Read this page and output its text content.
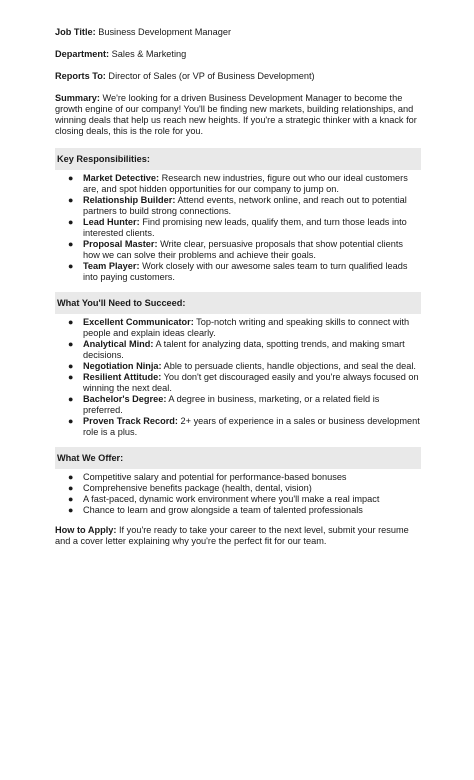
Job Title: Business Development Manager

Department: Sales & Marketing

Reports To: Director of Sales (or VP of Business Development)

Summary: We're looking for a driven Business Development Manager to become the growth engine of our company! You'll be finding new markets, building relationships, and winning deals that help us reach new heights. If you're a strategic thinker with a knack for closing deals, this is the role for you.

Key Responsibilities:
● Market Detective: Research new industries, figure out who our ideal customers are, and spot hidden opportunities for our company to jump on.
● Relationship Builder: Attend events, network online, and reach out to potential partners to build strong connections.
● Lead Hunter: Find promising new leads, qualify them, and turn those leads into interested clients.
● Proposal Master: Write clear, persuasive proposals that show potential clients how we can solve their problems and achieve their goals.
● Team Player: Work closely with our awesome sales team to turn qualified leads into paying customers.
What You'll Need to Succeed:
● Excellent Communicator: Top-notch writing and speaking skills to connect with people and explain ideas clearly.
● Analytical Mind: A talent for analyzing data, spotting trends, and making smart decisions.
● Negotiation Ninja: Able to persuade clients, handle objections, and seal the deal.
● Resilient Attitude: You don't get discouraged easily and you're always focused on winning the next deal.
● Bachelor's Degree: A degree in business, marketing, or a related field is preferred.
● Proven Track Record: 2+ years of experience in a sales or business development role is a plus.
What We Offer:
● Competitive salary and potential for performance-based bonuses
● Comprehensive benefits package (health, dental, vision)
● A fast-paced, dynamic work environment where you'll make a real impact
● Chance to learn and grow alongside a team of talented professionals

How to Apply: If you're ready to take your career to the next level, submit your resume and a cover letter explaining why you're the perfect fit for our team.
